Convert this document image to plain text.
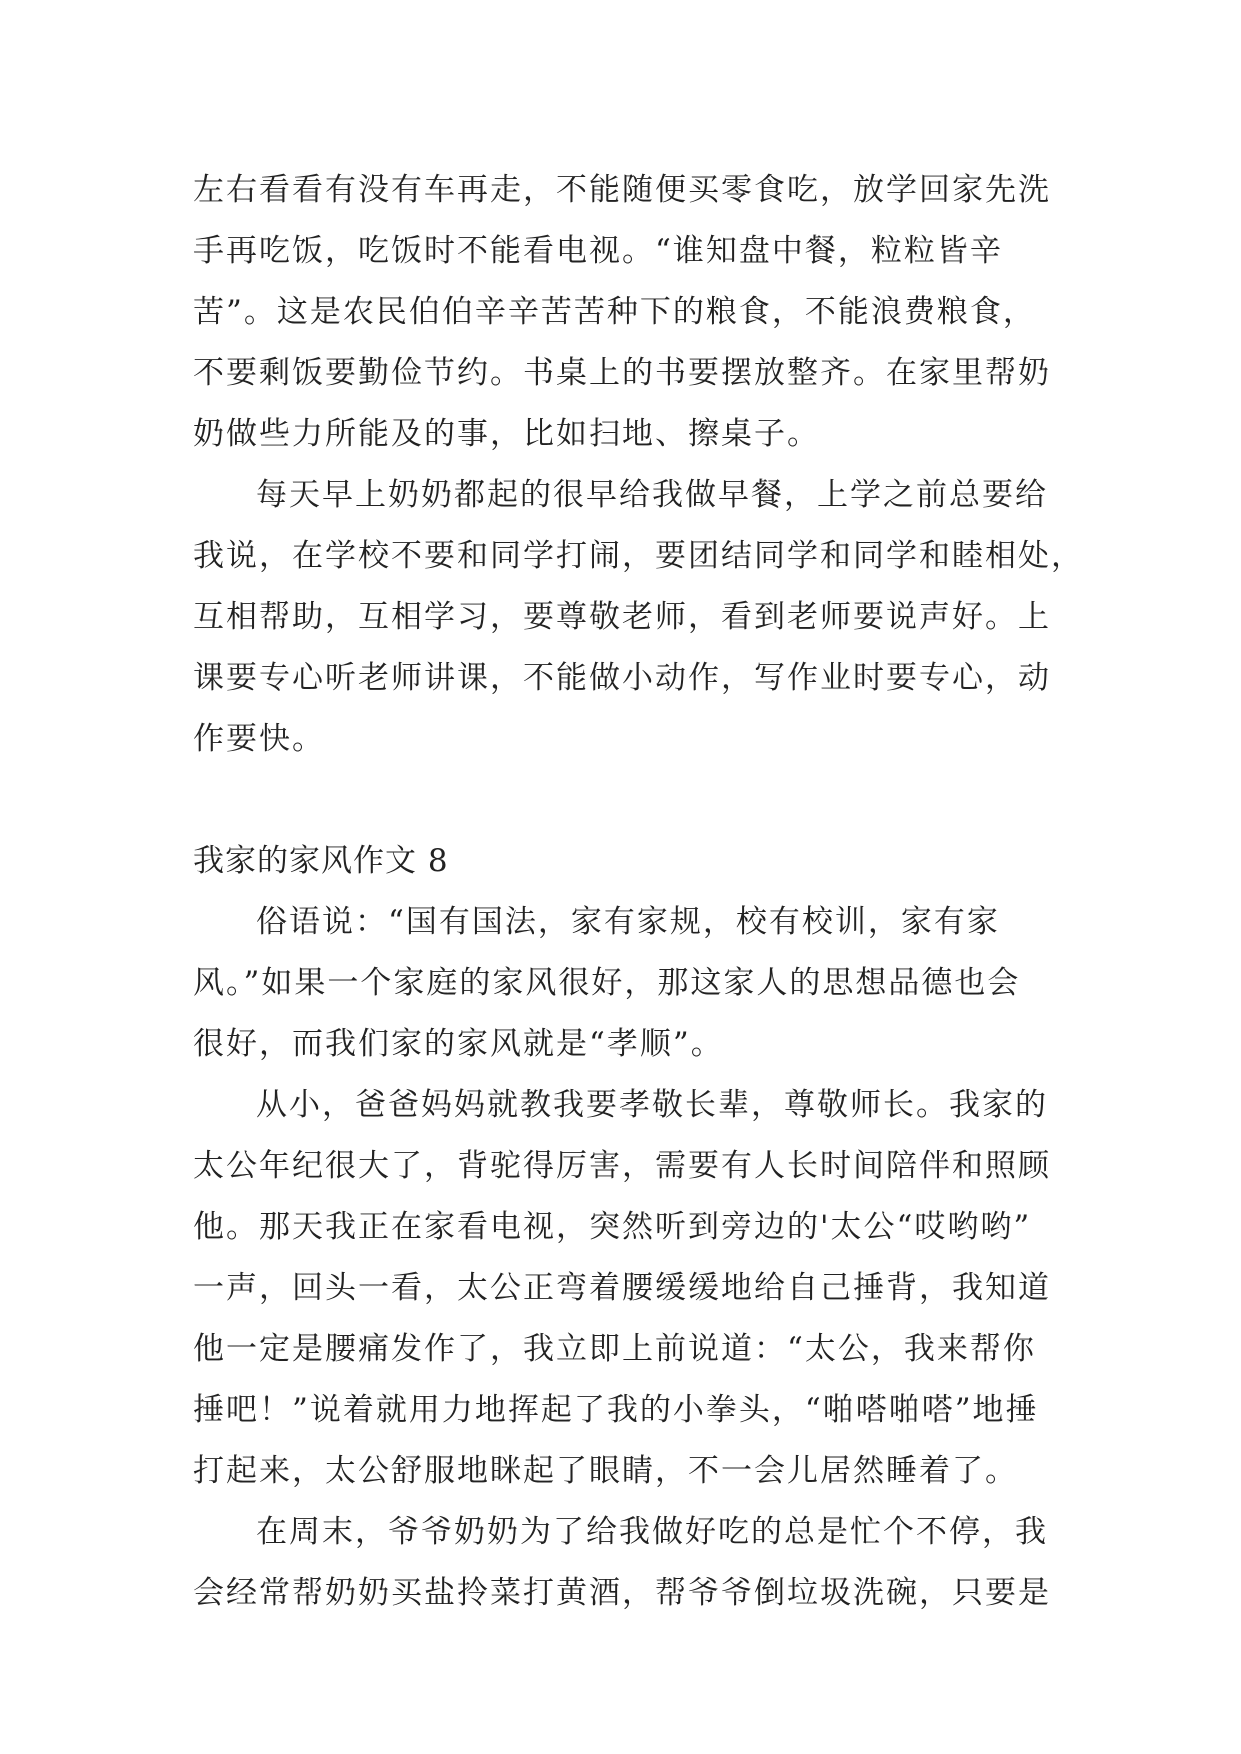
左右看看有没有车再走，不能随便买零食吃，放学回家先洗
手再吃饭，吃饭时不能看电视。“谁知盘中餐，粒粒皆辛
苦”。这是农民伯伯辛辛苦苦种下的粮食，不能浪费粮食，
不要剩饭要勤俭节约。书桌上的书要摆放整齐。在家里帮奶
奶做些力所能及的事，比如扫地、擦桌子。
每天早上奶奶都起的很早给我做早餐，上学之前总要给
我说，在学校不要和同学打闹，要团结同学和同学和睦相处，
互相帮助，互相学习，要尊敬老师，看到老师要说声好。上
课要专心听老师讲课，不能做小动作，写作业时要专心，动
作要快。
我家的家风作文 8
俗语说：“国有国法，家有家规，校有校训，家有家
风。”如果一个家庭的家风很好，那这家人的思想品德也会
很好，而我们家的家风就是“孝顺”。
从小，爸爸妈妈就教我要孝敬长辈，尊敬师长。我家的
太公年纪很大了，背驼得厉害，需要有人长时间陪伴和照顾
他。那天我正在家看电视，突然听到旁边的'太公“哎哟哟”
一声，回头一看，太公正弯着腰缓缓地给自己捶背，我知道
他一定是腰痛发作了，我立即上前说道：“太公，我来帮你
捶吧！”说着就用力地挥起了我的小拳头，“啪嗒啪嗒”地捶
打起来，太公舒服地眯起了眼睛，不一会儿居然睡着了。
在周末，爷爷奶奶为了给我做好吃的总是忙个不停，我
会经常帮奶奶买盐拎菜打黄酒，帮爷爷倒垃圾洗碗，只要是
